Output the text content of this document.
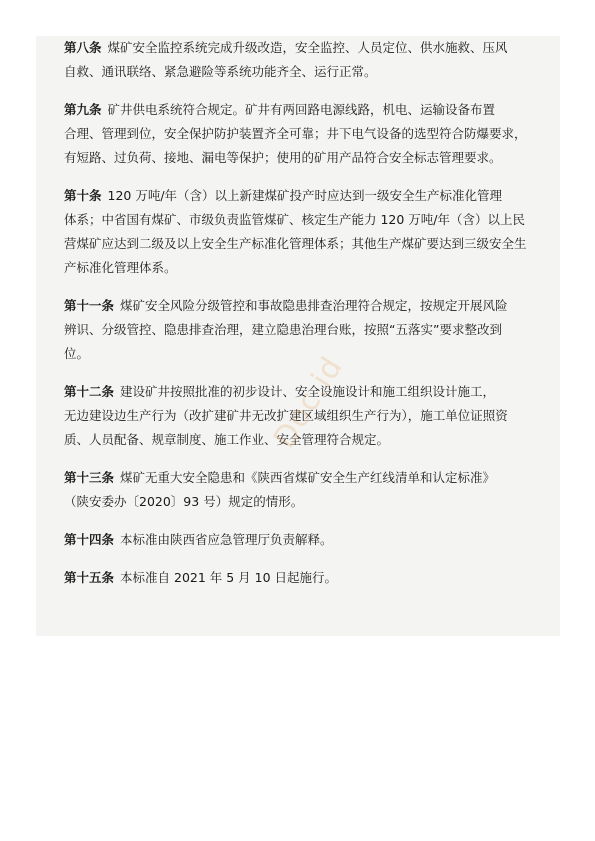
第八条 煤矿安全监控系统完成升级改造，安全监控、人员定位、供水施救、压风

自救、通讯联络、紧急避险等系统功能齐全、运行正常。

第九条 矿井供电系统符合规定。矿井有两回路电源线路，机电、运输设备布置

合理、管理到位，安全保护防护装置齐全可靠；井下电气设备的选型符合防爆要求，

有短路、过负荷、接地、漏电等保护；使用的矿用产品符合安全标志管理要求。

第十条 120 万吨/年（含）以上新建煤矿投产时应达到一级安全生产标准化管理

体系；中省国有煤矿、市级负责监管煤矿、核定生产能力 120 万吨/年（含）以上民

营煤矿应达到二级及以上安全生产标准化管理体系；其他生产煤矿要达到三级安全生

产标准化管理体系。

第十一条 煤矿安全风险分级管控和事故隐患排查治理符合规定，按规定开展风险

辨识、分级管控、隐患排查治理，建立隐患治理台账，按照“五落实”要求整改到

位。

第十二条 建设矿井按照批准的初步设计、安全设施设计和施工组织设计施工，

无边建设边生产行为（改扩建矿井无改扩建区域组织生产行为），施工单位证照资

质、人员配备、规章制度、施工作业、安全管理符合规定。

第十三条 煤矿无重大安全隐患和《陕西省煤矿安全生产红线清单和认定标准》

（陕安委办〔2020〕93 号）规定的情形。

第十四条 本标准由陕西省应急管理厅负责解释。

第十五条 本标准自 2021 年 5 月 10 日起施行。

Doc.id
